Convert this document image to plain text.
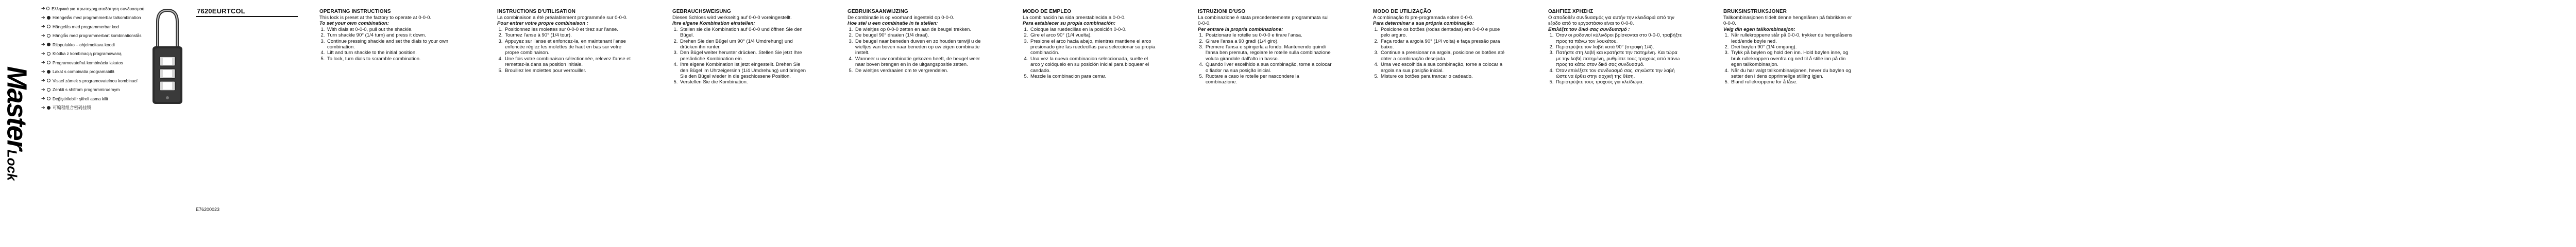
MasterLock
➔ Ελληνικά για πρωτοχρηματοδότηση συνδυασμού
➔	Hængelås med programmerbar talkombination
➔	Hängelås med programmerbar kod
➔	Hänglås med programmerbart kombinationslås
➔	Riippulukko – ohjelmoitava koodi
➔	Kłódka z kombinacją programowaną
➔	Programovateľná kombinácia lakatos
➔	Lakat s combinatia programabilă
➔	Visací zámek s programovatelnou kombinací
➔	Zenkti s shifrom programmiruemym
➔	Değiştirilebilir şifreli asma kilit
➔	可编程组合密码挂锁
7620EURTCOL
E76200023
OPERATING INSTRUCTIONS

This lock is preset at the factory to operate at 0-0-0.

To set your own combination:

1. With dials at 0-0-0, pull out the shackle.
2. Turn shackle 90° (1/4 turn) and press it down.
3. Continue pressing shackle and set the dials to your own combination.
4. Lift and turn shackle to the initial position.
5. To lock, turn dials to scramble combination.
INSTRUCTIONS D'UTILISATION

La combinaison a été préalablement programmée sur 0-0-0.

Pour entrer votre propre combinaison :

1. Positionnez les molettes sur 0-0-0 et tirez sur l'anse.
2. Tournez l'anse à 90° (1/4 tour).
3. Appuyez sur l'anse et enfoncez-la, en maintenant l'anse enfoncée réglez les molettes de haut en bas sur votre propre combinaison.
4. Une fois votre combinaison sélectionnée, relevez l'anse et remettez-la dans sa position initiale.
5. Brouillez les molettes pour verrouiller.
GEBRAUCHSWEISUNG

Dieses Schloss wird werkseitig auf 0-0-0 voreingestellt.

Ihre eigene Kombination einstellen:

1. Stellen sie die Kombination auf 0-0-0 und öffnen Sie den Bügel.
2. Drehen Sie den Bügel um 90° (1/4 Umdrehung) und drücken ihn runter.
3. Den Bügel weiter herunter drücken. Stellen Sie jetzt Ihre persönliche Kombination ein.
4. Ihre eigene Kombination ist jetzt eingestellt. Drehen Sie den Bügel im Uhrzeigersinn (1/4 Umdrehung) und bringen Sie den Bügel wieder in die geschlossene Position.
5. Verstellen Sie die Kombination.
GEBRUIKSAANWIJZING

De combinatie is op voorhand ingesteld op 0-0-0.

Hoe stel u een combinatie in te stellen:

1. De wieltjes op 0-0-0 zetten en aan de beugel trekken.
2. De beugel 90° draaien (1/4 draai).
3. De beugel naar beneden duwen en zo houden terwijl u de wieltjes van boven naar beneden op uw eigen combinatie instelt.
4. Wanneer u uw combinatie gekozen heeft, de beugel weer naar boven brengen en in de uitgangspositie zetten.
5. De wieltjes verdraaien om te vergrendelen.
MODO DE EMPLEO

La combinación ha sida preestablecida a 0-0-0.

Para establecer su propia combinación:

1. Coloque las ruedecillas en la posición 0-0-0.
2. Gire el arco 90° (1/4 vuelta).
3. Presione el arco hacia abajo, mientras mantiene el arco presionado gire las ruedecillas para seleccionar su propia combinación.
4. Una vez la nueva combinacion seleccionada, suelte el arco y colóquelo en su posición inicial para bloquear el candado.
5. Mezcle la combinacion para cerrar.
ISTRUZIONI D'USO

La combinazione è stata precedentemente programmata sul 0-0-0.

Per entrare la propria combinazione:

1. Posizionare le rotelle su 0-0-0 e tirare l'ansa.
2. Girare l'ansa a 90 gradi (1/4 giro).
3. Premere l'ansa e spingerla a fondo. Mantenendo quindi l'ansa ben premuta, regolare le rotelle sulla combinazione voluta girandole dall'alto in basso.
4. Quando liver escelhido a sua combinação, torne a colocar o fiador na sua posição inicial.
5. Ruotare a caso le rotelle per nascondere la combinazione.
MODO DE UTILIZAÇÃO

A combinação fo pre-programada sobre 0-0-0.

Para determinar a sua própria combinação:

1. Posicione os botões (rodas dentadas) em 0-0-0 e puxe pelo arguro.
2. Faça rodar a argola 90° (1/4 volta) e faça pressão para baixo.
3. Continue a pressionar na argola, posicione os botões até obter a combinação desejada.
4. Uma vez escolhida a sua combinação, torne a colocar a argola na sua posição inicial.
5. Misture os botões para trancar o cadeado.
ΟΔΗΓΙΕΣ ΧΡΗΣΗΣ

Ο αποδοθέν συνδυασμός για αυτήν την κλειδαριά από την εξοδο από το εργοστάσιο είναι το 0-0-0.

Επιλέξτε τον δικό σας συνδυασμό :

1. Όταν οι ροδανιοί κύλινδροι βρίσκονται στο 0-0-0, τραβήξτε προς τα πάνω τον λουκέτου.
2. Περιστρέψτε τον λαβή κατά 90° (στροφή 1/4).
3. Πατήστε στη λαβή και κρατήστε την πατημένη. Και τώρα με την λαβή πατημένη, ρυθμίστε τους τροχούς από πάνω προς τα κάτω στον δικό σας συνδυασμό.
4. Όταν επιλέξετε τον συνδυασμό σας, σηκώστε την λαβή ώστε να έρθει στην αρχική της θέση.
5. Περιστρέψτε τους τροχούς για κλείδωμα.
BRUKSINSTRUKSJONER

Tallkombinasjonen tildelt denne hengelåsen på fabrikken er 0-0-0.

Velg din egen tallkombinasjon:

1. Når rullekroppene står på 0-0-0, trykker du hengelåsens ledd/ende bøyle ned.
2. Drei bøylen 90° (1/4 omgang).
3. Trykk på bøylen og hold den inn. Hold bøylen inne, og bruk rullekroppen ovenfra og ned til å stille inn på din egen tallkombinasjon.
4. Når du har valgt tallkombinasjonen, hever du bøylen og setter den i dens opprinnelige stilling igjen.
5. Bland rullekroppene for å låse.
